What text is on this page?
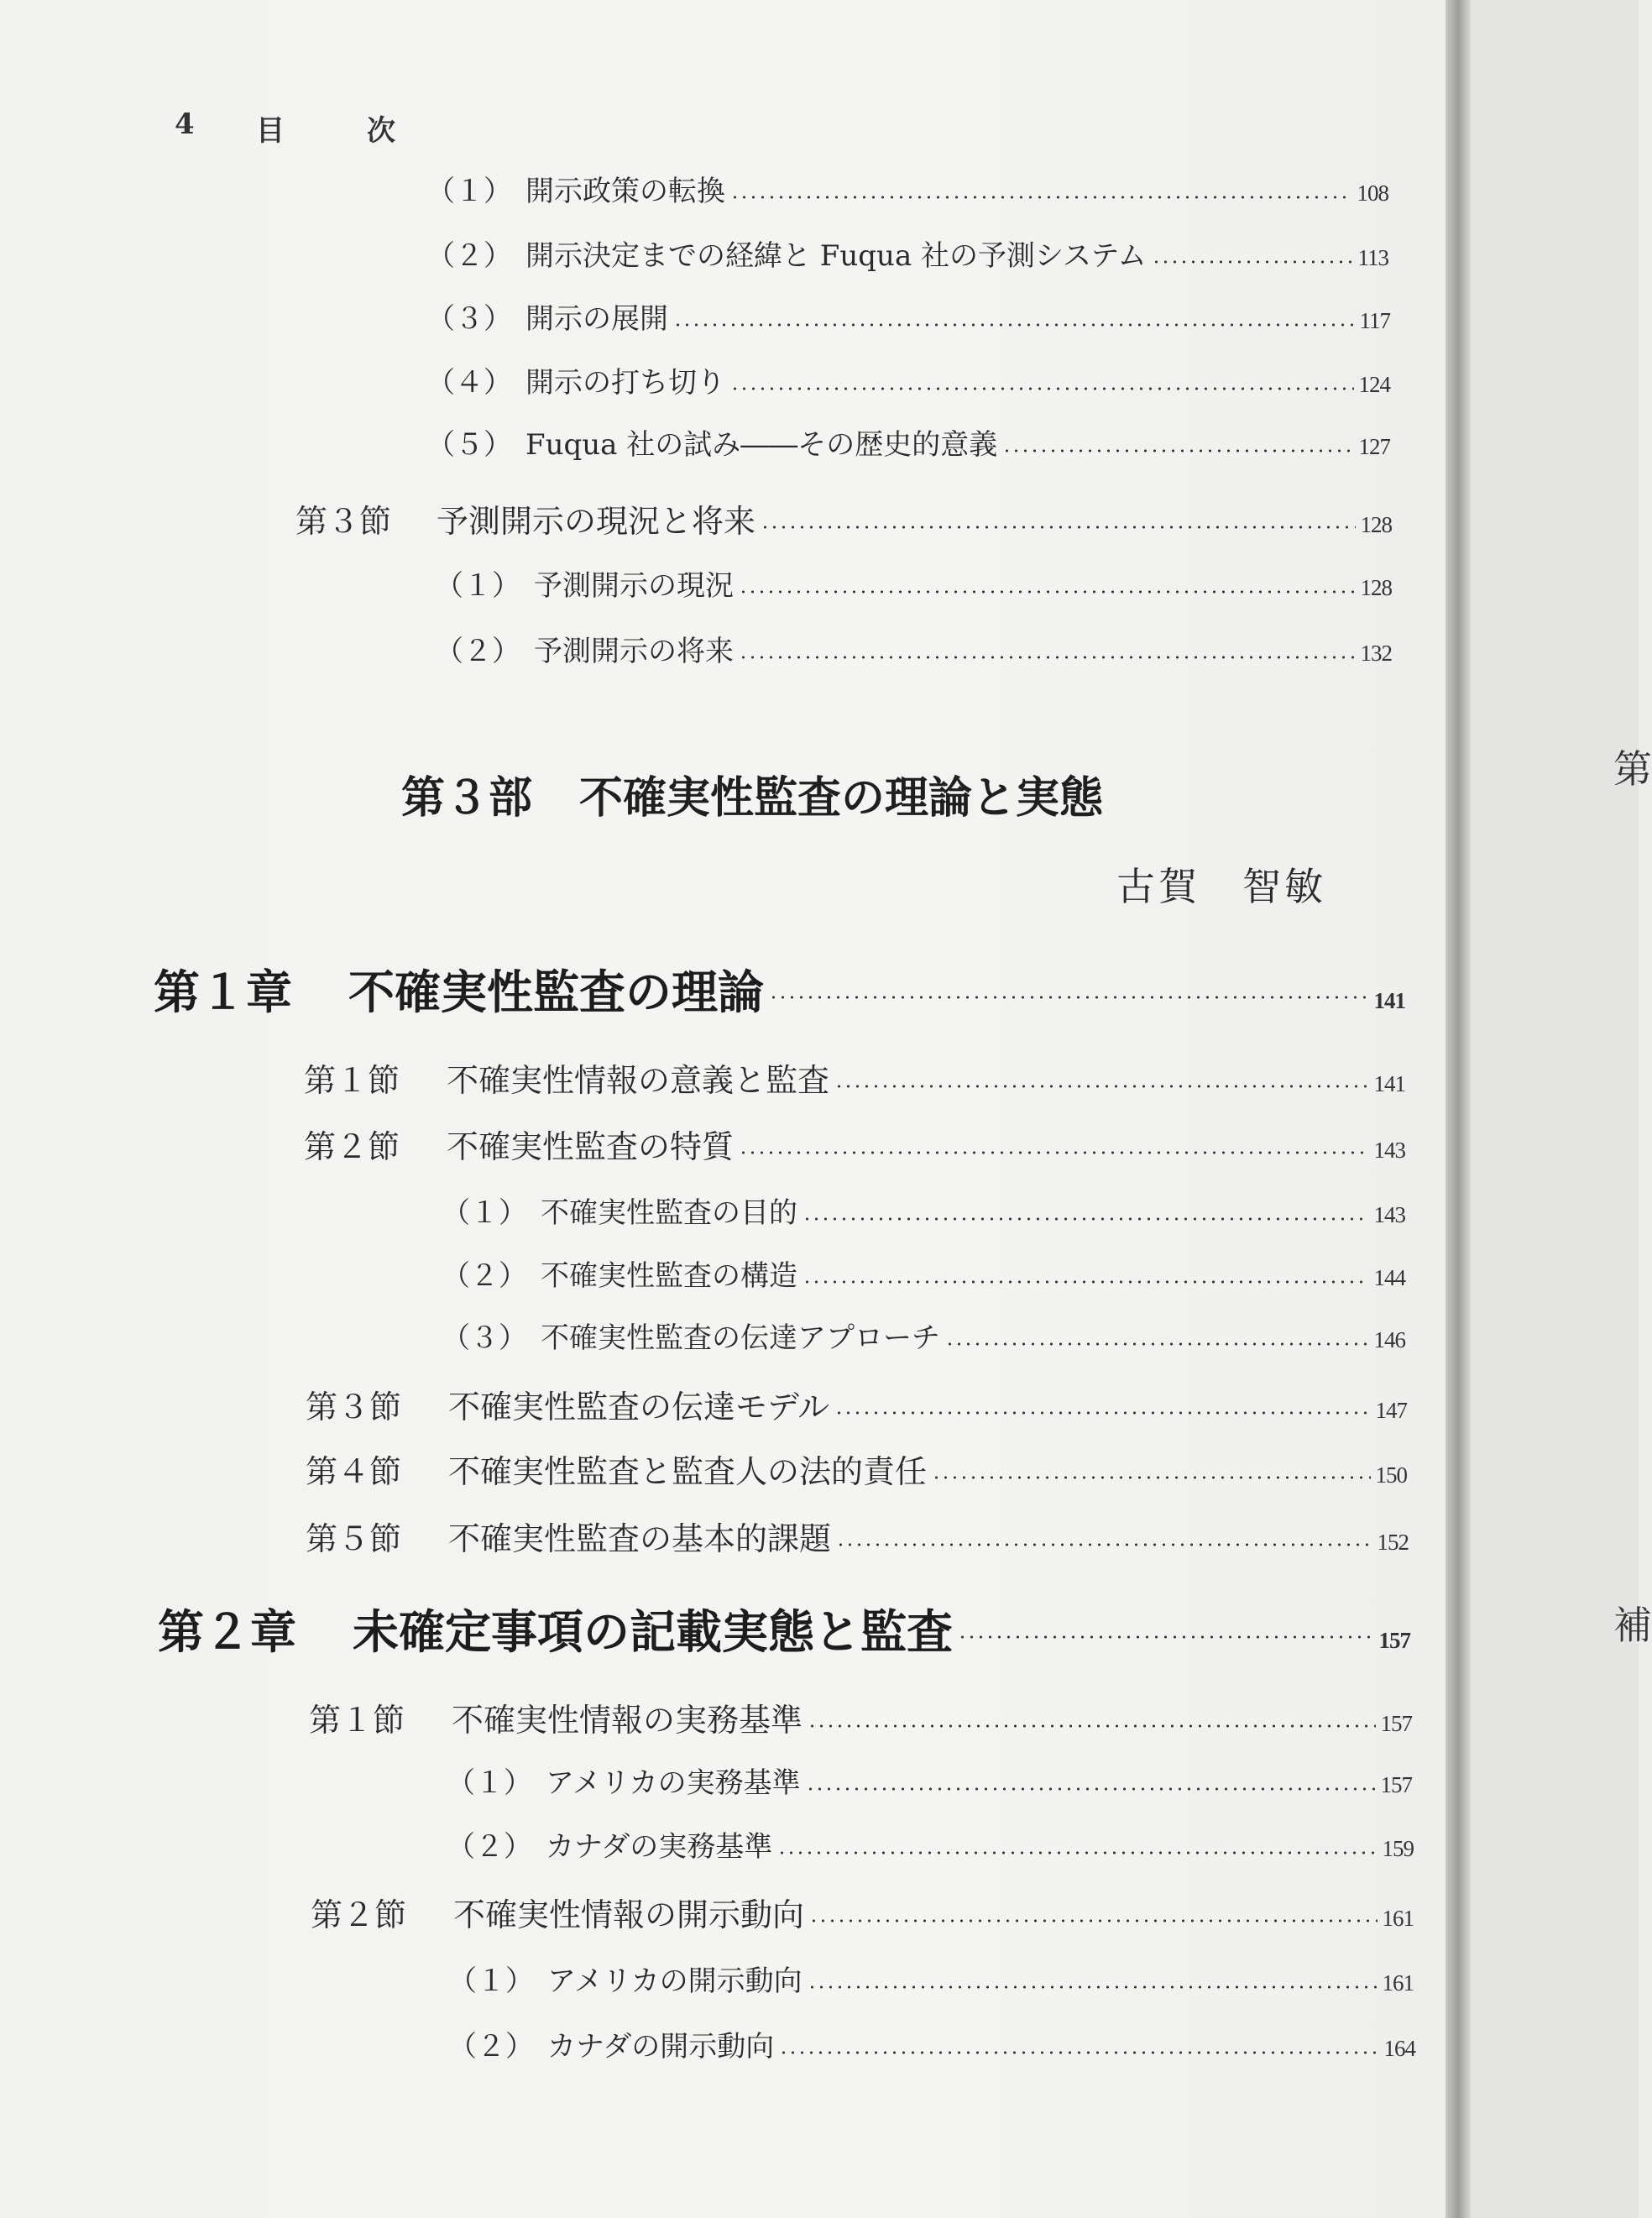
4 目	次
（１） 開示政策の転換	108
（２） 開示決定までの経緯と Fuqua 社の予測システム	113
（３） 開示の展開	117
（４） 開示の打ち切り	124
（５） Fuqua 社の試み――その歴史的意義	127
第３節	予測開示の現況と将来	128
（１） 予測開示の現況	128
（２） 予測開示の将来	132
第３部 不確実性監査の理論と実態
古賀　智敏
第１章	不確実性監査の理論	141
第１節	不確実性情報の意義と監査	141
第２節	不確実性監査の特質	143
（１） 不確実性監査の目的	143
（２） 不確実性監査の構造	144
（３） 不確実性監査の伝達アプローチ	146
第３節	不確実性監査の伝達モデル	147
第４節	不確実性監査と監査人の法的責任	150
第５節	不確実性監査の基本的課題	152
第２章	未確定事項の記載実態と監査	157
第１節	不確実性情報の実務基準	157
（１） アメリカの実務基準	157
（２） カナダの実務基準	159
第２節	不確実性情報の開示動向	161
（１） アメリカの開示動向	161
（２） カナダの開示動向	164
第
補
